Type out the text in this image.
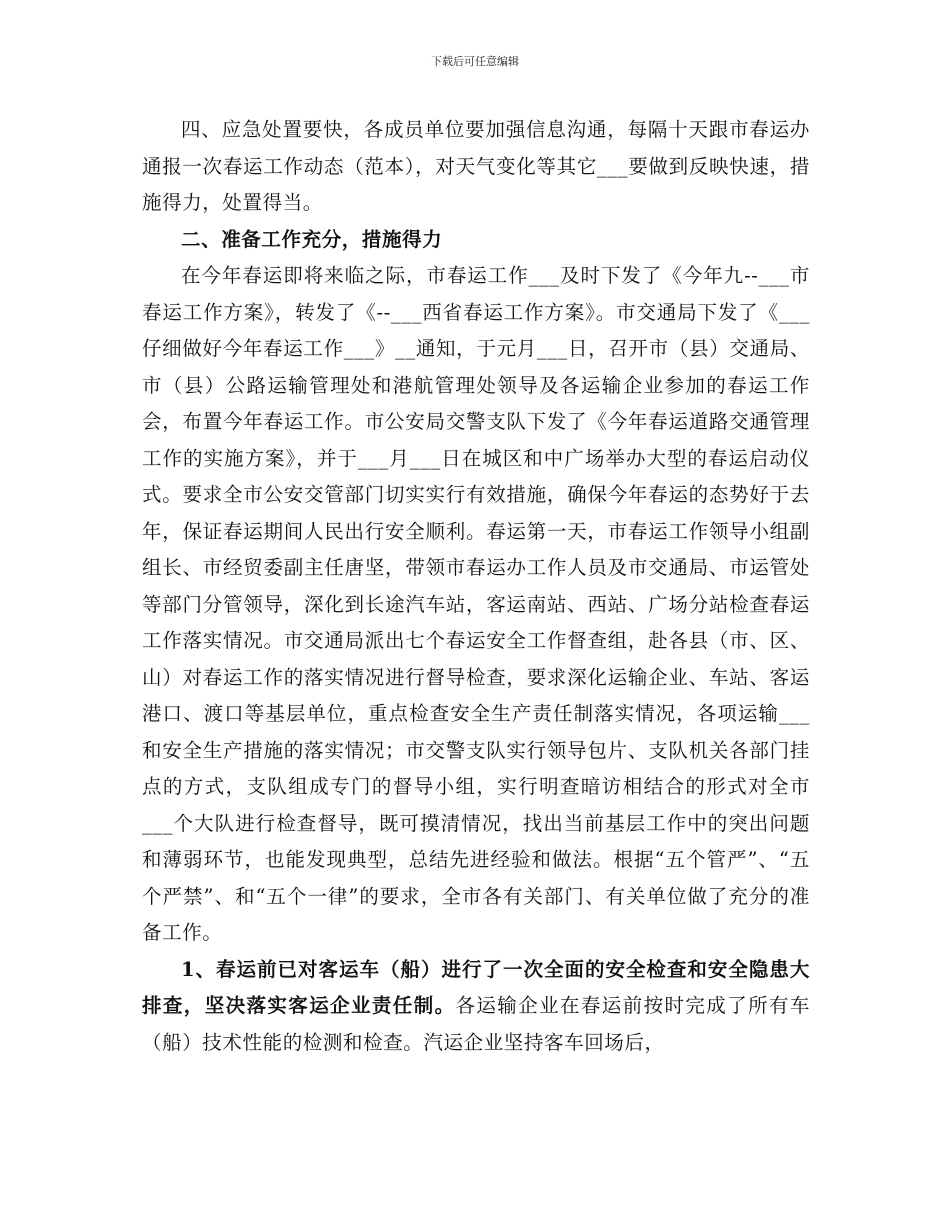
下载后可任意编辑

四、应急处置要快，各成员单位要加强信息沟通，每隔十天跟市春运办通报一次春运工作动态（范本），对天气变化等其它___要做到反映快速，措施得力，处置得当。

二、准备工作充分，措施得力

在今年春运即将来临之际，市春运工作___及时下发了《今年九--___市春运工作方案》，转发了《--___西省春运工作方案》。市交通局下发了《___仔细做好今年春运工作___》__通知，于元月___日，召开市（县）交通局、市（县）公路运输管理处和港航管理处领导及各运输企业参加的春运工作会，布置今年春运工作。市公安局交警支队下发了《今年春运道路交通管理工作的实施方案》，并于___月___日在城区和中广场举办大型的春运启动仪式。要求全市公安交管部门切实实行有效措施，确保今年春运的态势好于去年，保证春运期间人民出行安全顺利。春运第一天，市春运工作领导小组副组长、市经贸委副主任唐坚，带领市春运办工作人员及市交通局、市运管处等部门分管领导，深化到长途汽车站，客运南站、西站、广场分站检查春运工作落实情况。市交通局派出七个春运安全工作督查组，赴各县（市、区、山）对春运工作的落实情况进行督导检查，要求深化运输企业、车站、客运港口、渡口等基层单位，重点检查安全生产责任制落实情况，各项运输___和安全生产措施的落实情况；市交警支队实行领导包片、支队机关各部门挂点的方式，支队组成专门的督导小组，实行明查暗访相结合的形式对全市___个大队进行检查督导，既可摸清情况，找出当前基层工作中的突出问题和薄弱环节，也能发现典型，总结先进经验和做法。根据“五个管严”、“五个严禁”、和“五个一律”的要求，全市各有关部门、有关单位做了充分的准备工作。

1、春运前已对客运车（船）进行了一次全面的安全检查和安全隐患大排查，坚决落实客运企业责任制。各运输企业在春运前按时完成了所有车（船）技术性能的检测和检查。汽运企业坚持客车回场后，
